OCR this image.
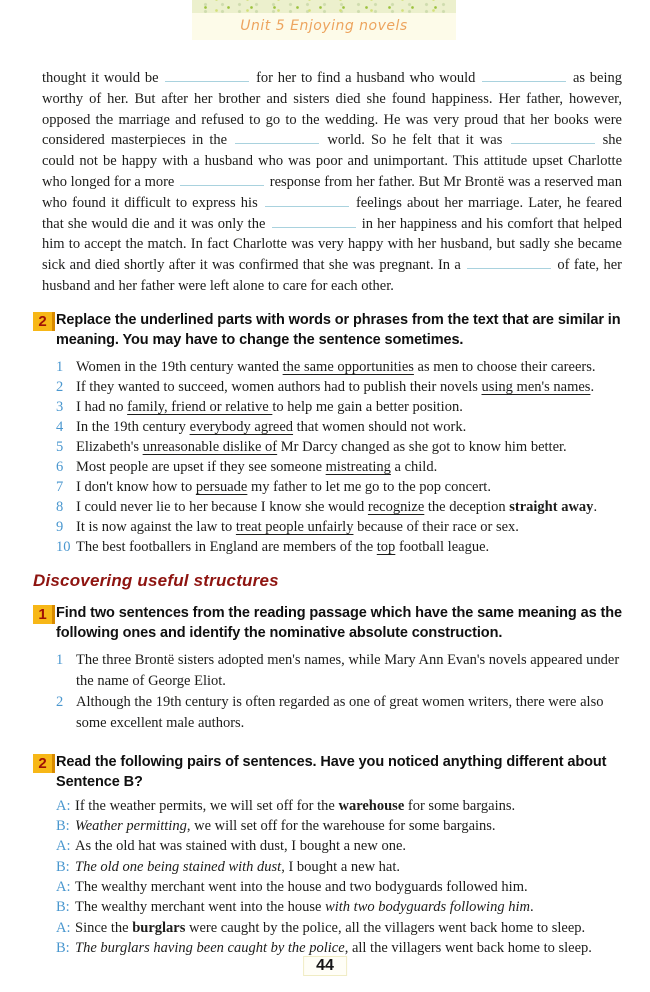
Unit 5 Enjoying novels

thought it would be	for her to find a husband who would	as being worthy of her. But after her brother and sisters died she found happiness. Her father, however, opposed the marriage and refused to go to the wedding. He was very proud that her books were considered masterpieces in the	world. So he felt that it was	she could not be happy with a husband who was poor and unimportant. This attitude upset Charlotte who longed for a more	response from her father. But Mr Brontë was a reserved man who found it difficult to express his	feelings about her marriage. Later, he feared that she would die and it was only the	in her happiness and his comfort that helped him to accept the match. In fact Charlotte was very happy with her husband, but sadly she became sick and died shortly after it was confirmed that she was pregnant. In a	of fate, her husband and her father were left alone to care for each other.

2 Replace the underlined parts with words or phrases from the text that are similar in meaning. You may have to change the sentence sometimes.
1 Women in the 19th century wanted the same opportunities as men to choose their careers.
2 If they wanted to succeed, women authors had to publish their novels using men's names.
3 I had no family, friend or relative to help me gain a better position.
4 In the 19th century everybody agreed that women should not work.
5 Elizabeth's unreasonable dislike of Mr Darcy changed as she got to know him better.
6 Most people are upset if they see someone mistreating a child.
7 I don't know how to persuade my father to let me go to the pop concert.
8 I could never lie to her because I know she would recognize the deception straight away.
9 It is now against the law to treat people unfairly because of their race or sex.
10 The best footballers in England are members of the top football league.
Discovering useful structures
1 Find two sentences from the reading passage which have the same meaning as the following ones and identify the nominative absolute construction.
1 The three Brontë sisters adopted men's names, while Mary Ann Evan's novels appeared under the name of George Eliot.
2 Although the 19th century is often regarded as one of great women writers, there were also some excellent male authors.
2 Read the following pairs of sentences. Have you noticed anything different about Sentence B?
A: If the weather permits, we will set off for the warehouse for some bargains.
B: Weather permitting, we will set off for the warehouse for some bargains.
A: As the old hat was stained with dust, I bought a new one.
B: The old one being stained with dust, I bought a new hat.
A: The wealthy merchant went into the house and two bodyguards followed him.
B: The wealthy merchant went into the house with two bodyguards following him.
A: Since the burglars were caught by the police, all the villagers went back home to sleep.
B: The burglars having been caught by the police, all the villagers went back home to sleep.
44
